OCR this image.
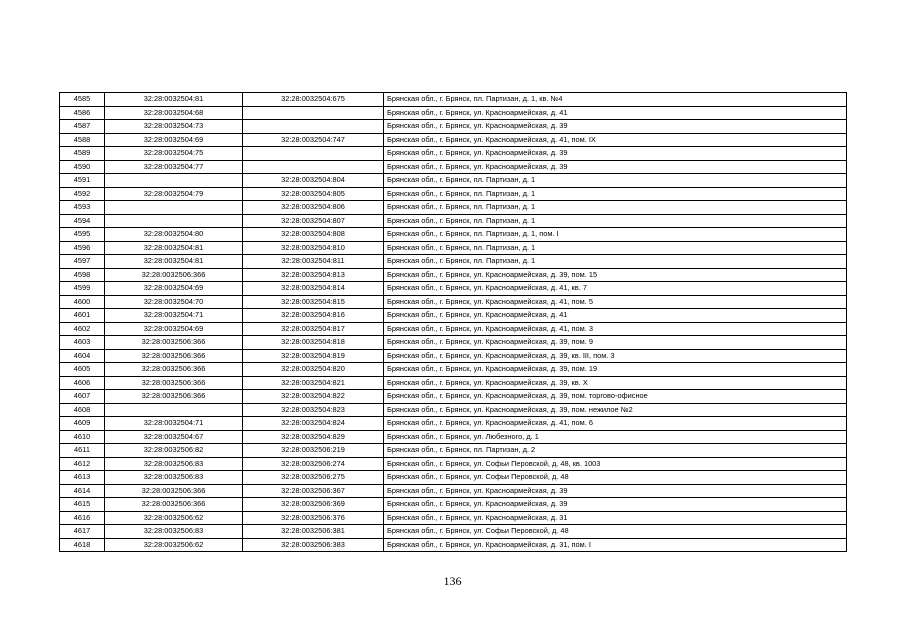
4585	32:28:0032504:81	32:28:0032504:675	Брянская обл., г. Брянск, пл. Партизан, д. 1, кв. №4
4586	32:28:0032504:68		Брянская обл., г. Брянск, ул. Красноармейская, д. 41
4587	32:28:0032504:73		Брянская обл., г. Брянск, ул. Красноармейская, д. 39
4588	32:28:0032504:69	32:28:0032504:747	Брянская обл., г. Брянск, ул. Красноармейская, д. 41, пом. IX
4589	32:28:0032504:75		Брянская обл., г. Брянск, ул. Красноармейская, д. 39
4590	32:28:0032504:77		Брянская обл., г. Брянск, ул. Красноармейская, д. 39
4591		32:28:0032504:804	Брянская обл., г. Брянск, пл. Партизан, д. 1
4592	32:28:0032504:79	32:28:0032504:805	Брянская обл., г. Брянск, пл. Партизан, д. 1
4593		32:28:0032504:806	Брянская обл., г. Брянск, пл. Партизан, д. 1
4594		32:28:0032504:807	Брянская обл., г. Брянск, пл. Партизан, д. 1
4595	32:28:0032504:80	32:28:0032504:808	Брянская обл., г. Брянск, пл. Партизан, д. 1, пом. I
4596	32:28:0032504:81	32:28:0032504:810	Брянская обл., г. Брянск, пл. Партизан, д. 1
4597	32:28:0032504:81	32:28:0032504:811	Брянская обл., г. Брянск, пл. Партизан, д. 1
4598	32:28:0032506:366	32:28:0032504:813	Брянская обл., г. Брянск, ул. Красноармейская, д. 39, пом. 15
4599	32:28:0032504:69	32:28:0032504:814	Брянская обл., г. Брянск, ул. Красноармейская, д. 41, кв. 7
4600	32:28:0032504:70	32:28:0032504:815	Брянская обл., г. Брянск, ул. Красноармейская, д. 41, пом. 5
4601	32:28:0032504:71	32:28:0032504:816	Брянская обл., г. Брянск, ул. Красноармейская, д. 41
4602	32:28:0032504:69	32:28:0032504:817	Брянская обл., г. Брянск, ул. Красноармейская, д. 41, пом. 3
4603	32:28:0032506:366	32:28:0032504:818	Брянская обл., г. Брянск, ул. Красноармейская, д. 39, пом. 9
4604	32:28:0032506:366	32:28:0032504:819	Брянская обл., г. Брянск, ул. Красноармейская, д. 39, кв. III, пом. 3
4605	32:28:0032506:366	32:28:0032504:820	Брянская обл., г. Брянск, ул. Красноармейская, д. 39, пом. 19
4606	32:28:0032506:366	32:28:0032504:821	Брянская обл., г. Брянск, ул. Красноармейская, д. 39, кв. X
4607	32:28:0032506:366	32:28:0032504:822	Брянская обл., г. Брянск, ул. Красноармейская, д. 39, пом. торгово-офисное
4608		32:28:0032504:823	Брянская обл., г. Брянск, ул. Красноармейская, д. 39, пом. нежилое №2
4609	32:28:0032504:71	32:28:0032504:824	Брянская обл., г. Брянск, ул. Красноармейская, д. 41, пом. 6
4610	32:28:0032504:67	32:28:0032504:829	Брянская обл., г. Брянск, ул. Любезного, д. 1
4611	32:28:0032506:82	32:28:0032506:219	Брянская обл., г. Брянск, пл. Партизан, д. 2
4612	32:28:0032506:83	32:28:0032506:274	Брянская обл., г. Брянск, ул. Софьи Перовской, д. 48, кв. 1003
4613	32:28:0032506:83	32:28:0032506:275	Брянская обл., г. Брянск, ул. Софьи Перовской, д. 48
4614	32:28:0032506:366	32:28:0032506:367	Брянская обл., г. Брянск, ул. Красноармейская, д. 39
4615	32:28:0032506:366	32:28:0032506:369	Брянская обл., г. Брянск, ул. Красноармейская, д. 39
4616	32:28:0032506:62	32:28:0032506:376	Брянская обл., г. Брянск, ул. Красноармейская, д. 31
4617	32:28:0032506:83	32:28:0032506:381	Брянская обл., г. Брянск, ул. Софьи Перовской, д. 48
4618	32:28:0032506:62	32:28:0032506:383	Брянская обл., г. Брянск, ул. Красноармейская, д. 31, пом. I
136
